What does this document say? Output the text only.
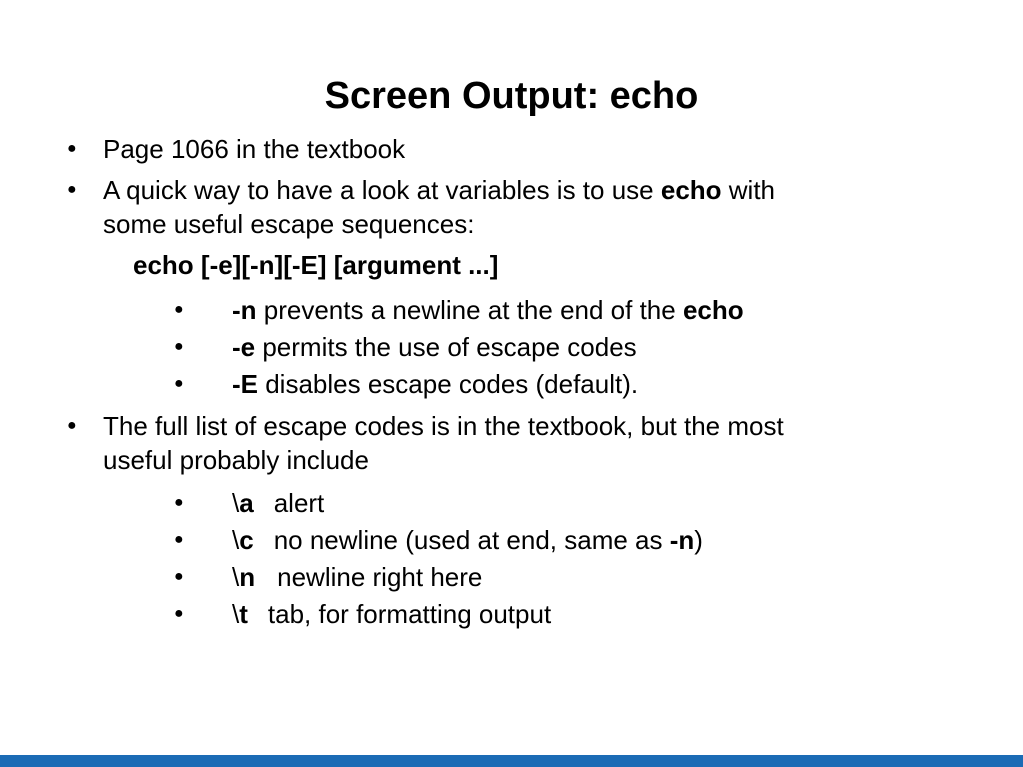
Screen Output: echo
● Page 1066 in the textbook
● A quick way to have a look at variables is to use echo with
some useful escape sequences:
echo [-e][-n][-E] [argument ...]
● -n prevents a newline at the end of the echo
● -e permits the use of escape codes
● -E disables escape codes (default).
● The full list of escape codes is in the textbook, but the most
useful probably include
● \a alert
● \c no newline (used at end, same as -n)
● \n newline right here
● \t tab, for formatting output
